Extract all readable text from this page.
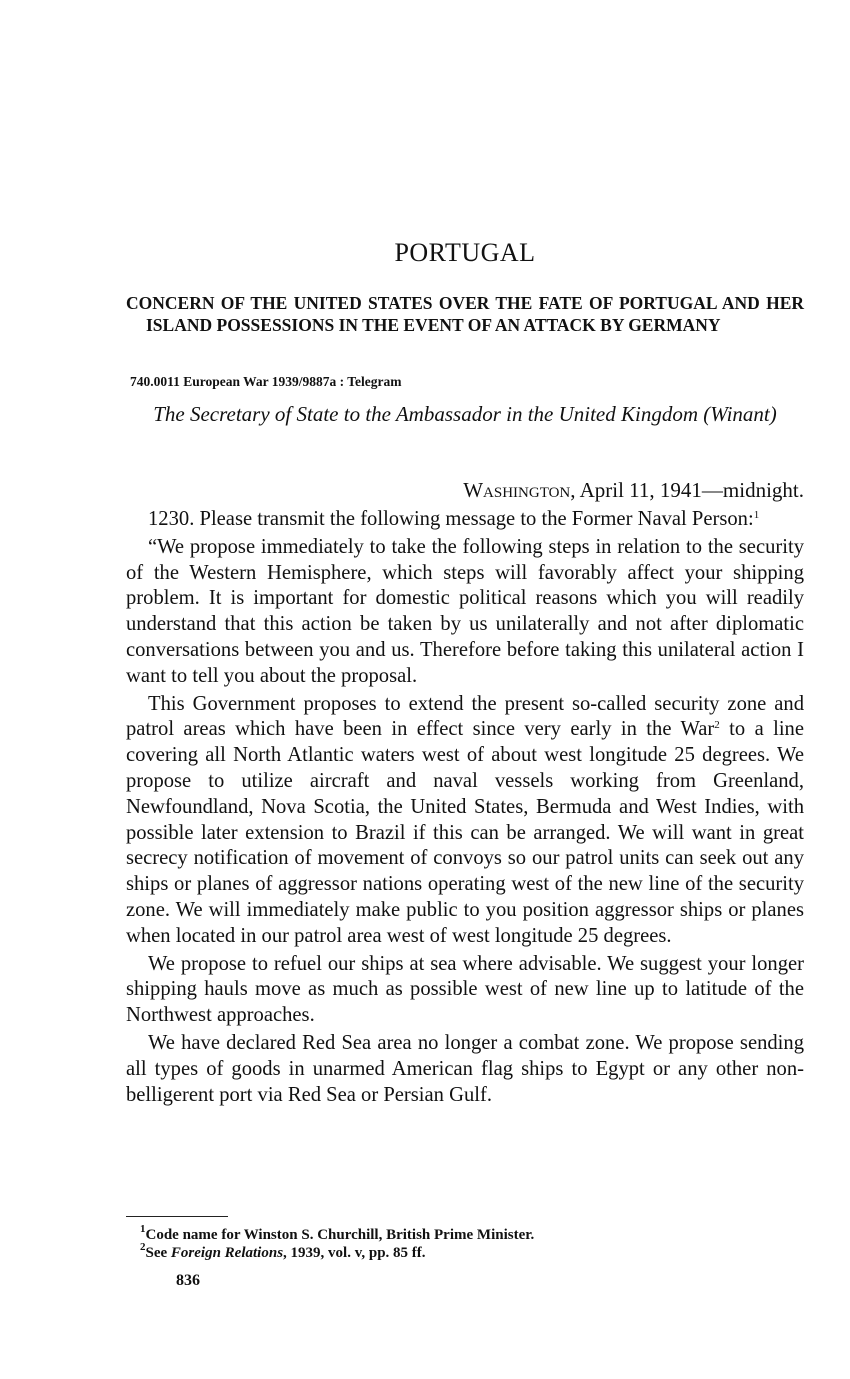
PORTUGAL
CONCERN OF THE UNITED STATES OVER THE FATE OF PORTUGAL AND HER ISLAND POSSESSIONS IN THE EVENT OF AN ATTACK BY GERMANY
740.0011 European War 1939/9887a : Telegram
The Secretary of State to the Ambassador in the United Kingdom (Winant)
Washington, April 11, 1941—midnight.

1230. Please transmit the following message to the Former Naval Person:$^1$

“We propose immediately to take the following steps in relation to the security of the Western Hemisphere, which steps will favorably affect your shipping problem. It is important for domestic political reasons which you will readily understand that this action be taken by us unilaterally and not after diplomatic conversations between you and us. Therefore before taking this unilateral action I want to tell you about the proposal.

This Government proposes to extend the present so-called security zone and patrol areas which have been in effect since very early in the War$^2$ to a line covering all North Atlantic waters west of about west longitude 25 degrees. We propose to utilize aircraft and naval vessels working from Greenland, Newfoundland, Nova Scotia, the United States, Bermuda and West Indies, with possible later extension to Brazil if this can be arranged. We will want in great secrecy notification of movement of convoys so our patrol units can seek out any ships or planes of aggressor nations operating west of the new line of the security zone. We will immediately make public to you position aggressor ships or planes when located in our patrol area west of west longitude 25 degrees.

We propose to refuel our ships at sea where advisable. We suggest your longer shipping hauls move as much as possible west of new line up to latitude of the Northwest approaches.

We have declared Red Sea area no longer a combat zone. We propose sending all types of goods in unarmed American flag ships to Egypt or any other non-belligerent port via Red Sea or Persian Gulf.

$^1$Code name for Winston S. Churchill, British Prime Minister.
$^2$See Foreign Relations, 1939, vol. v, pp. 85 ff.
836
